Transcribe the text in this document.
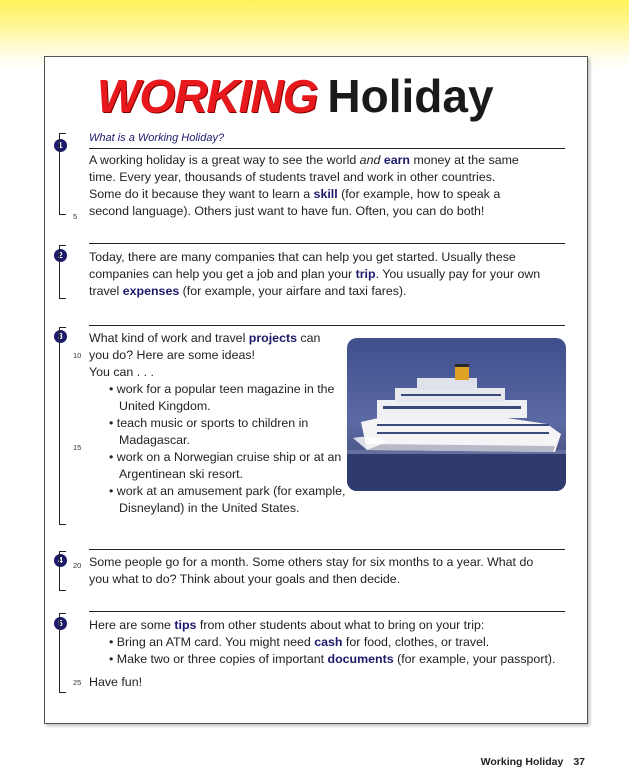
WORKING Holiday
1
What is a Working Holiday?
A working holiday is a great way to see the world and earn money at the same
time. Every year, thousands of students travel and work in other countries.
Some do it because they want to learn a skill (for example, how to speak a
second language). Others just want to have fun. Often, you can do both!
5
2	Today, there are many companies that can help you get started. Usually these
companies can help you get a job and plan your trip. You usually pay for your own
travel expenses (for example, your airfare and taxi fares).
3	What kind of work and travel projects can
you do? Here are some ideas!
You can . . .
• work for a popular teen magazine in the United Kingdom.
• teach music or sports to children in Madagascar.
• work on a Norwegian cruise ship or at an Argentinean ski resort.
• work at an amusement park (for example, Disneyland) in the United States.
10
15
4
20 Some people go for a month. Some others stay for six months to a year. What do
you what to do? Think about your goals and then decide.
5
25
Here are some tips from other students about what to bring on your trip:
• Bring an ATM card. You might need cash for food, clothes, or travel.
• Make two or three copies of important documents (for example, your passport).
Have fun!
Working Holiday 37
